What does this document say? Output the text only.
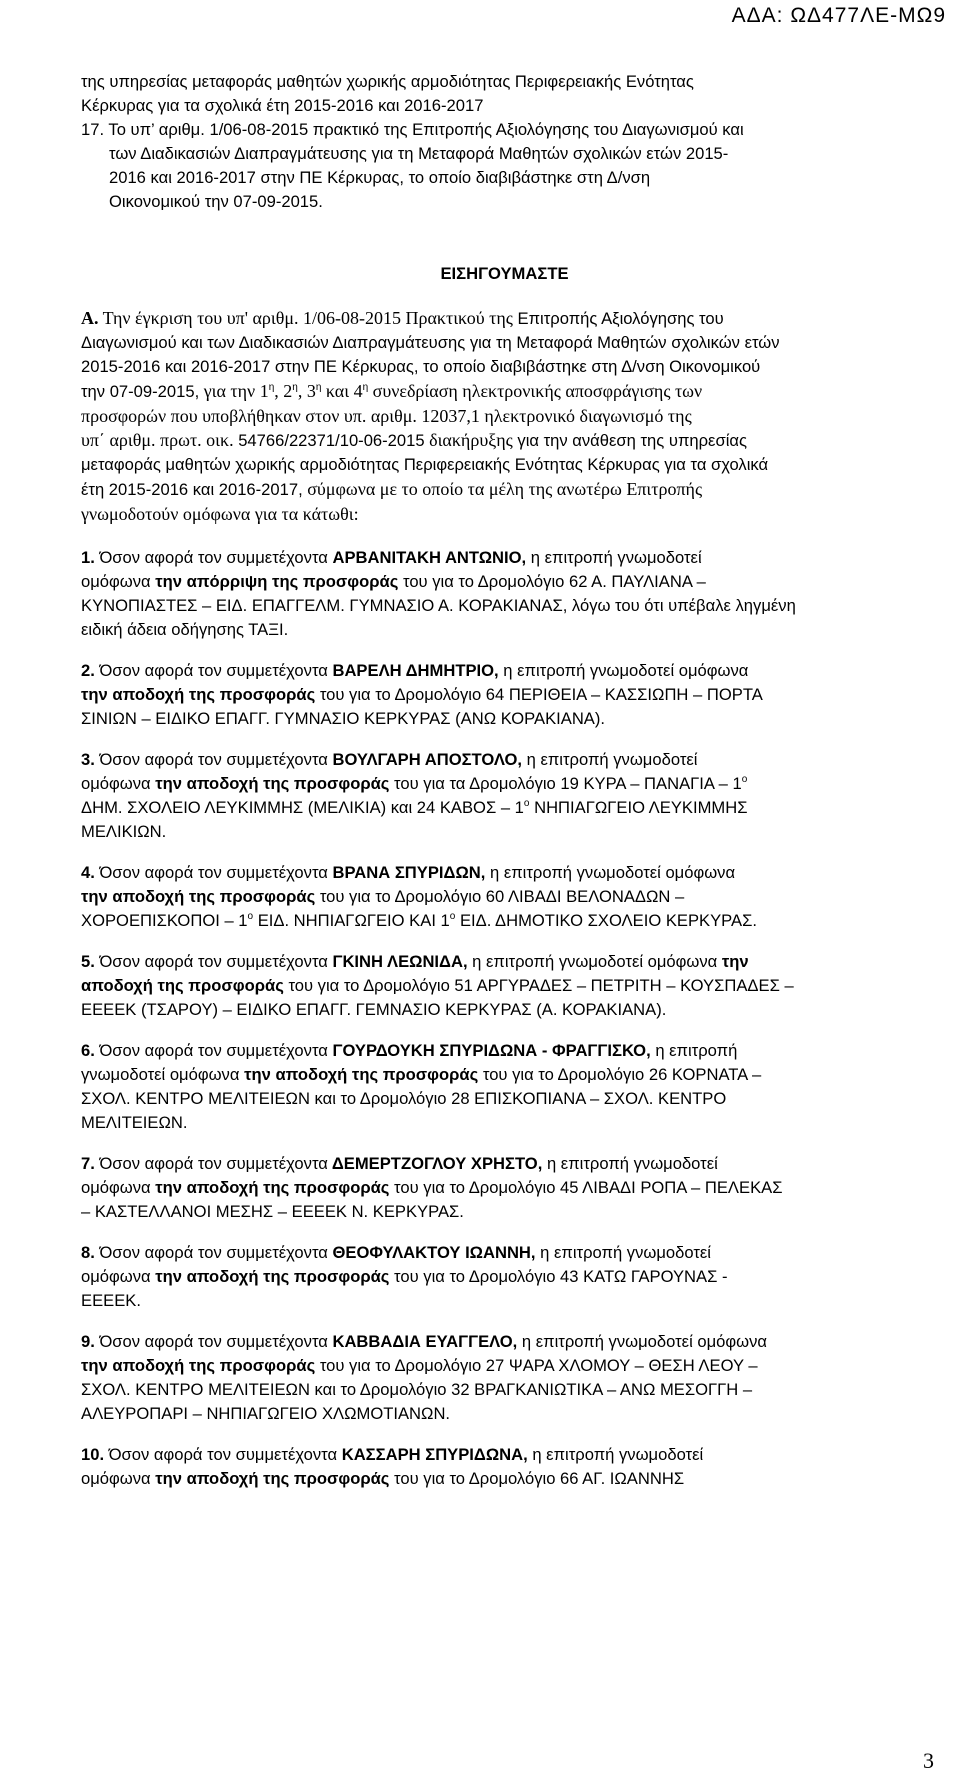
ΑΔΑ: ΩΔ477ΛΕ-ΜΩ9
της υπηρεσίας μεταφοράς μαθητών χωρικής αρμοδιότητας Περιφερειακής Ενότητας
Κέρκυρας για τα σχολικά έτη 2015-2016 και 2016-2017
17. Το υπ’ αριθμ. 1/06-08-2015 πρακτικό της Επιτροπής Αξιολόγησης του Διαγωνισμού και
των Διαδικασιών Διαπραγμάτευσης για τη Μεταφορά Μαθητών σχολικών ετών 2015-
2016 και 2016-2017 στην ΠΕ Κέρκυρας, το οποίο διαβιβάστηκε στη Δ/νση
Οικονομικού την 07-09-2015.
ΕΙΣΗΓΟΥΜΑΣΤΕ
Α. Την έγκριση του υπ' αριθμ. 1/06-08-2015 Πρακτικού της Επιτροπής Αξιολόγησης του
Διαγωνισμού και των Διαδικασιών Διαπραγμάτευσης για τη Μεταφορά Μαθητών σχολικών ετών
2015-2016 και 2016-2017 στην ΠΕ Κέρκυρας, το οποίο διαβιβάστηκε στη Δ/νση Οικονομικού
την 07-09-2015, για την $1^\eta$, $2^\eta$, $3^\eta$ και $4^\eta$ συνεδρίαση ηλεκτρονικής αποσφράγισης των
προσφορών που υποβλήθηκαν στον υπ. αριθμ. 12037,1 ηλεκτρονικό διαγωνισμό της
υπ΄ αριθμ. πρωτ. οικ. 54766/22371/10-06-2015 διακήρυξης για την ανάθεση της υπηρεσίας
μεταφοράς μαθητών χωρικής αρμοδιότητας Περιφερειακής Ενότητας Κέρκυρας για τα σχολικά
έτη 2015-2016 και 2016-2017, σύμφωνα με το οποίο τα μέλη της ανωτέρω Επιτροπής
γνωμοδοτούν ομόφωνα για τα κάτωθι:
1. Όσον αφορά τον συμμετέχοντα ΑΡΒΑΝΙΤΑΚΗ ΑΝΤΩΝΙΟ, η επιτροπή γνωμοδοτεί
ομόφωνα την απόρριψη της προσφοράς του για το Δρομολόγιο 62 Α. ΠΑΥΛΙΑΝΑ –
ΚΥΝΟΠΙΑΣΤΕΣ – ΕΙΔ. ΕΠΑΓΓΕΛΜ. ΓΥΜΝΑΣΙΟ Α. ΚΟΡΑΚΙΑΝΑΣ, λόγω του ότι υπέβαλε ληγμένη
ειδική άδεια οδήγησης ΤΑΞΙ.
2. Όσον αφορά τον συμμετέχοντα ΒΑΡΕΛΗ ΔΗΜΗΤΡΙΟ, η επιτροπή γνωμοδοτεί ομόφωνα
την αποδοχή της προσφοράς του για το Δρομολόγιο 64 ΠΕΡΙΘΕΙΑ – ΚΑΣΣΙΩΠΗ – ΠΟΡΤΑ
ΣΙΝΙΩΝ – ΕΙΔΙΚΟ ΕΠΑΓΓ. ΓΥΜΝΑΣΙΟ ΚΕΡΚΥΡΑΣ (ΑΝΩ ΚΟΡΑΚΙΑΝΑ).
3. Όσον αφορά τον συμμετέχοντα ΒΟΥΛΓΑΡΗ ΑΠΟΣΤΟΛΟ, η επιτροπή γνωμοδοτεί
ομόφωνα την αποδοχή της προσφοράς του για τα Δρομολόγιο 19 ΚΥΡΑ – ΠΑΝΑΓΙΑ – $1^o$
ΔΗΜ. ΣΧΟΛΕΙΟ ΛΕΥΚΙΜΜΗΣ (ΜΕΛΙΚΙΑ) και 24 ΚΑΒΟΣ – $1^o$ ΝΗΠΙΑΓΩΓΕΙΟ ΛΕΥΚΙΜΜΗΣ
ΜΕΛΙΚΙΩΝ.
4. Όσον αφορά τον συμμετέχοντα ΒΡΑΝΑ ΣΠΥΡΙΔΩΝ, η επιτροπή γνωμοδοτεί ομόφωνα
την αποδοχή της προσφοράς του για το Δρομολόγιο 60 ΛΙΒΑΔΙ ΒΕΛΟΝΑΔΩΝ –
ΧΟΡΟΕΠΙΣΚΟΠΟΙ – $1^o$ ΕΙΔ. ΝΗΠΙΑΓΩΓΕΙΟ ΚΑΙ $1^o$ ΕΙΔ. ΔΗΜΟΤΙΚΟ ΣΧΟΛΕΙΟ ΚΕΡΚΥΡΑΣ.
5. Όσον αφορά τον συμμετέχοντα ΓΚΙΝΗ ΛΕΩΝΙΔΑ, η επιτροπή γνωμοδοτεί ομόφωνα την
αποδοχή της προσφοράς του για το Δρομολόγιο 51 ΑΡΓΥΡΑΔΕΣ – ΠΕΤΡΙΤΗ – ΚΟΥΣΠΑΔΕΣ –
ΕΕΕΕΚ (ΤΣΑΡΟΥ) – ΕΙΔΙΚΟ ΕΠΑΓΓ. ΓΕΜΝΑΣΙΟ ΚΕΡΚΥΡΑΣ (Α. ΚΟΡΑΚΙΑΝΑ).
6. Όσον αφορά τον συμμετέχοντα ΓΟΥΡΔΟΥΚΗ ΣΠΥΡΙΔΩΝΑ - ΦΡΑΓΓΙΣΚΟ, η επιτροπή
γνωμοδοτεί ομόφωνα την αποδοχή της προσφοράς του για το Δρομολόγιο 26 ΚΟΡΝΑΤΑ –
ΣΧΟΛ. ΚΕΝΤΡΟ ΜΕΛΙΤΕΙΕΩΝ και το Δρομολόγιο 28 ΕΠΙΣΚΟΠΙΑΝΑ – ΣΧΟΛ. ΚΕΝΤΡΟ
ΜΕΛΙΤΕΙΕΩΝ.
7. Όσον αφορά τον συμμετέχοντα ΔΕΜΕΡΤΖΟΓΛΟΥ ΧΡΗΣΤΟ, η επιτροπή γνωμοδοτεί
ομόφωνα την αποδοχή της προσφοράς του για το Δρομολόγιο 45 ΛΙΒΑΔΙ ΡΟΠΑ – ΠΕΛΕΚΑΣ
– ΚΑΣΤΕΛΛΑΝΟΙ ΜΕΣΗΣ – ΕΕΕΕΚ Ν. ΚΕΡΚΥΡΑΣ.
8. Όσον αφορά τον συμμετέχοντα ΘΕΟΦΥΛΑΚΤΟΥ ΙΩΑΝΝΗ, η επιτροπή γνωμοδοτεί
ομόφωνα την αποδοχή της προσφοράς του για το Δρομολόγιο 43 ΚΑΤΩ ΓΑΡΟΥΝΑΣ -
ΕΕΕΕΚ.
9. Όσον αφορά τον συμμετέχοντα ΚΑΒΒΑΔΙΑ ΕΥΑΓΓΕΛΟ, η επιτροπή γνωμοδοτεί ομόφωνα
την αποδοχή της προσφοράς του για το Δρομολόγιο 27 ΨΑΡΑ ΧΛΟΜΟΥ – ΘΕΣΗ ΛΕΟΥ –
ΣΧΟΛ. ΚΕΝΤΡΟ ΜΕΛΙΤΕΙΕΩΝ και το Δρομολόγιο 32 ΒΡΑΓΚΑΝΙΩΤΙΚΑ – ΑΝΩ ΜΕΣΟΓΓΗ –
ΑΛΕΥΡΟΠΑΡΙ – ΝΗΠΙΑΓΩΓΕΙΟ ΧΛΩΜΟΤΙΑΝΩΝ.
10. Όσον αφορά τον συμμετέχοντα ΚΑΣΣΑΡΗ ΣΠΥΡΙΔΩΝΑ, η επιτροπή γνωμοδοτεί
ομόφωνα την αποδοχή της προσφοράς του για το Δρομολόγιο 66 ΑΓ. ΙΩΑΝΝΗΣ
3
